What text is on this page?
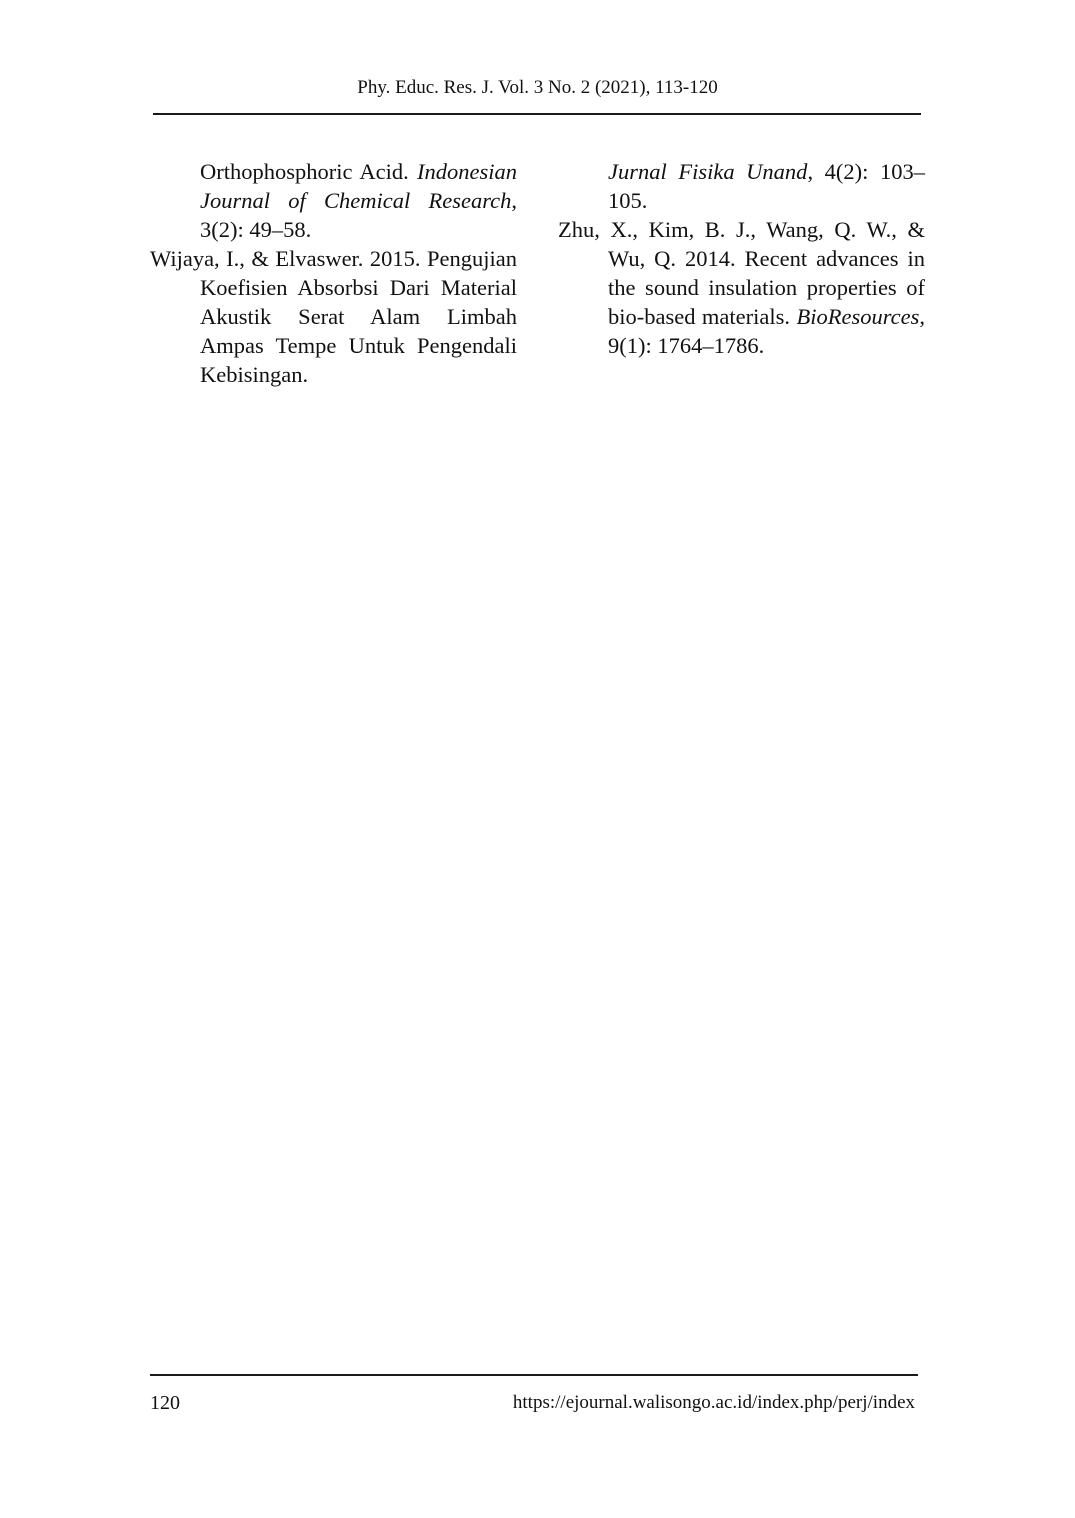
Phy. Educ. Res. J. Vol. 3 No. 2 (2021), 113-120

Orthophosphoric Acid. Indonesian Journal of Chemical Research, 3(2): 49–58.

Wijaya, I., & Elvaswer. 2015. Pengujian Koefisien Absorbsi Dari Material Akustik Serat Alam Limbah Ampas Tempe Untuk Pengendali Kebisingan.

Jurnal Fisika Unand, 4(2): 103–105.

Zhu, X., Kim, B. J., Wang, Q. W., & Wu, Q. 2014. Recent advances in the sound insulation properties of bio-based materials. BioResources, 9(1): 1764–1786.

120	https://ejournal.walisongo.ac.id/index.php/perj/index
